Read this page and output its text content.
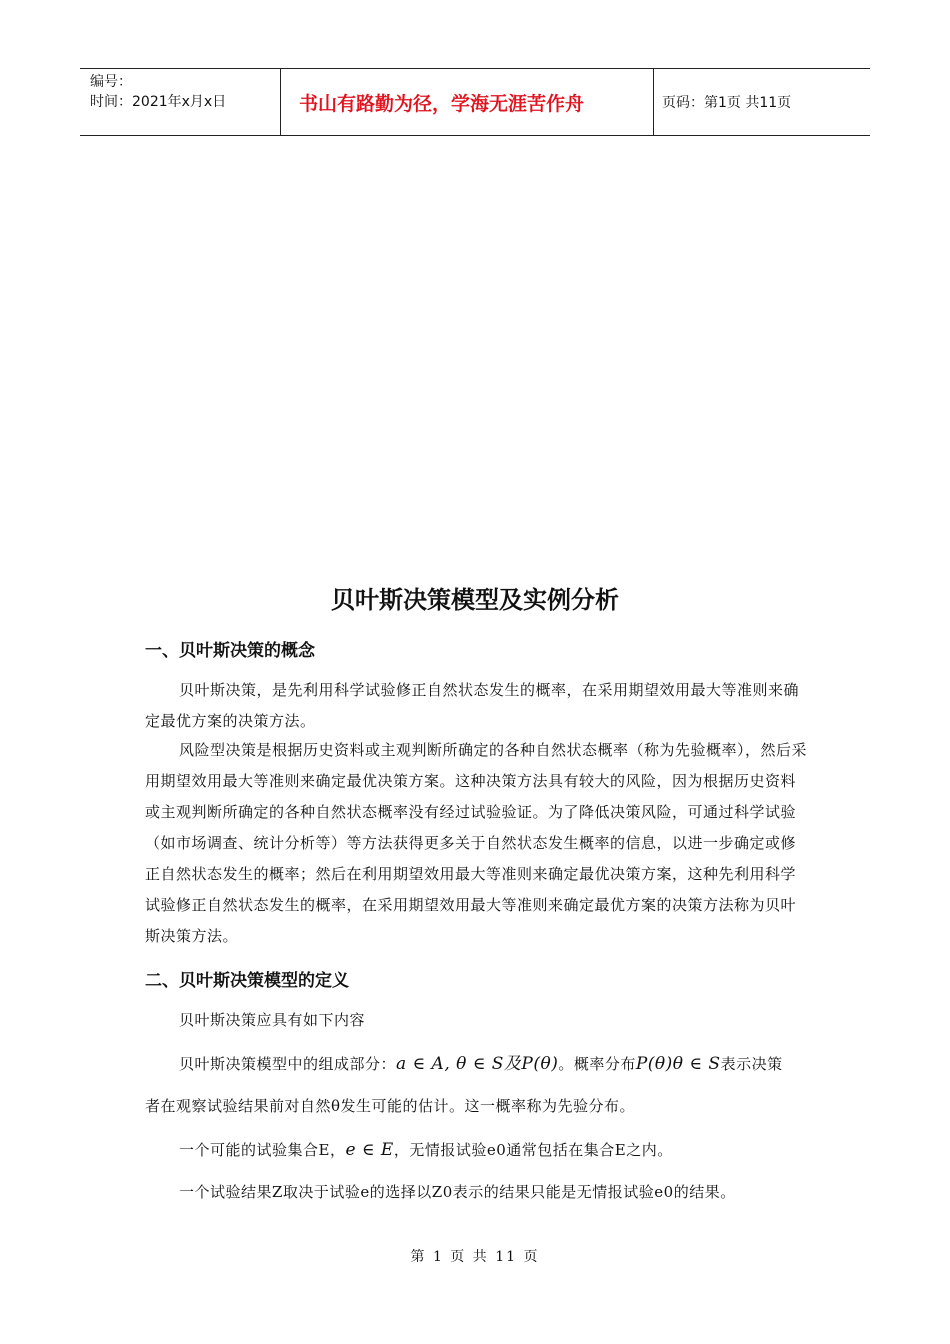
编号：
时间：2021年x月x日	书山有路勤为径，学海无涯苦作舟	页码：第1页 共11页
贝叶斯决策模型及实例分析
一、贝叶斯决策的概念
贝叶斯决策，是先利用科学试验修正自然状态发生的概率，在采用期望效用最大等准则来确定最优方案的决策方法。
风险型决策是根据历史资料或主观判断所确定的各种自然状态概率（称为先验概率），然后采用期望效用最大等准则来确定最优决策方案。这种决策方法具有较大的风险，因为根据历史资料或主观判断所确定的各种自然状态概率没有经过试验验证。为了降低决策风险，可通过科学试验（如市场调查、统计分析等）等方法获得更多关于自然状态发生概率的信息，以进一步确定或修正自然状态发生的概率；然后在利用期望效用最大等准则来确定最优决策方案，这种先利用科学试验修正自然状态发生的概率，在采用期望效用最大等准则来确定最优方案的决策方法称为贝叶斯决策方法。
二、贝叶斯决策模型的定义
贝叶斯决策应具有如下内容
贝叶斯决策模型中的组成部分：a ∈ A, θ ∈ S及P(θ)。概率分布P(θ)θ ∈ S表示决策
者在观察试验结果前对自然θ发生可能的估计。这一概率称为先验分布。
一个可能的试验集合E，e ∈ E，无情报试验e0通常包括在集合E之内。
一个试验结果Z取决于试验e的选择以Z0表示的结果只能是无情报试验e0的结果。
第 1 页 共 11 页
